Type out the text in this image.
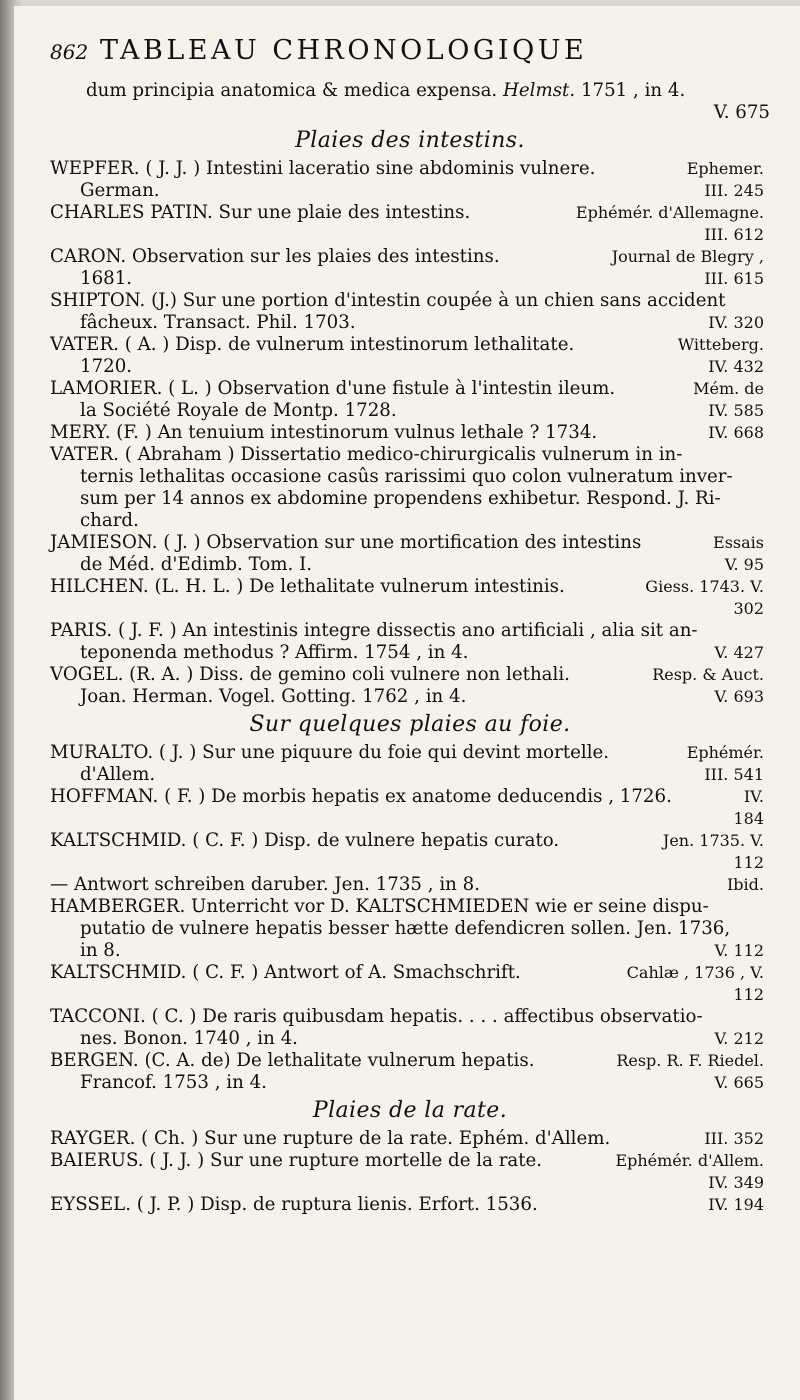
862 TABLEAU CHRONOLOGIQUE
dum principia anatomica & medica expensa. Helmst. 1751 , in 4.
V. 675
Plaies des intestins.
WEPFER. ( J. J. ) Intestini laceratio sine abdominis vulnere.	Ephemer.
German.	III. 245
CHARLES PATIN. Sur une plaie des intestins.	Ephémér. d'Allemagne.
III. 612
CARON. Observation sur les plaies des intestins.	Journal de Blegry ,
1681.	III. 615
SHIPTON. (J.) Sur une portion d'intestin coupée à un chien sans accident
fâcheux. Transact. Phil. 1703.	IV. 320
VATER. ( A. ) Disp. de vulnerum intestinorum lethalitate.	Witteberg.
1720.	IV. 432
LAMORIER. ( L. ) Observation d'une fistule à l'intestin ileum.	Mém. de
la Société Royale de Montp. 1728.	IV. 585
MERY. (F. ) An tenuium intestinorum vulnus lethale ? 1734.	IV. 668
VATER. ( Abraham ) Dissertatio medico-chirurgicalis vulnerum in in-
ternis lethalitas occasione casûs rarissimi quo colon vulneratum inver-
sum per 14 annos ex abdomine propendens exhibetur. Respond. J. Ri-
chard.
JAMIESON. ( J. ) Observation sur une mortification des intestins	Essais
de Méd. d'Edimb. Tom. I.	V. 95
HILCHEN. (L. H. L. ) De lethalitate vulnerum intestinis.	Giess. 1743. V.
302
PARIS. ( J. F. ) An intestinis integre dissectis ano artificiali , alia sit an-
teponenda methodus ? Affirm. 1754 , in 4.	V. 427
VOGEL. (R. A. ) Diss. de gemino coli vulnere non lethali.	Resp. & Auct.
Joan. Herman. Vogel. Gotting. 1762 , in 4.	V. 693
Sur quelques plaies au foie.
MURALTO. ( J. ) Sur une piquure du foie qui devint mortelle.	Ephémér.
d'Allem.	III. 541
HOFFMAN. ( F. ) De morbis hepatis ex anatome deducendis , 1726.	IV.
184
KALTSCHMID. ( C. F. ) Disp. de vulnere hepatis curato.	Jen. 1735. V.
112
— Antwort schreiben daruber. Jen. 1735 , in 8.	Ibid.
HAMBERGER. Unterricht vor D. KALTSCHMIEDEN wie er seine dispu-
putatio de vulnere hepatis besser hætte defendicren sollen. Jen. 1736,
in 8.	V. 112
KALTSCHMID. ( C. F. ) Antwort of A. Smachschrift.	Cahlæ , 1736 , V.
112
TACCONI. ( C. ) De raris quibusdam hepatis. . . . affectibus observatio-
nes. Bonon. 1740 , in 4.	V. 212
BERGEN. (C. A. de) De lethalitate vulnerum hepatis.	Resp. R. F. Riedel.
Francof. 1753 , in 4.	V. 665
Plaies de la rate.
RAYGER. ( Ch. ) Sur une rupture de la rate. Ephém. d'Allem.	III. 352
BAIERUS. ( J. J. ) Sur une rupture mortelle de la rate.	Ephémér. d'Allem.
IV. 349
EYSSEL. ( J. P. ) Disp. de ruptura lienis. Erfort. 1536.	IV. 194
